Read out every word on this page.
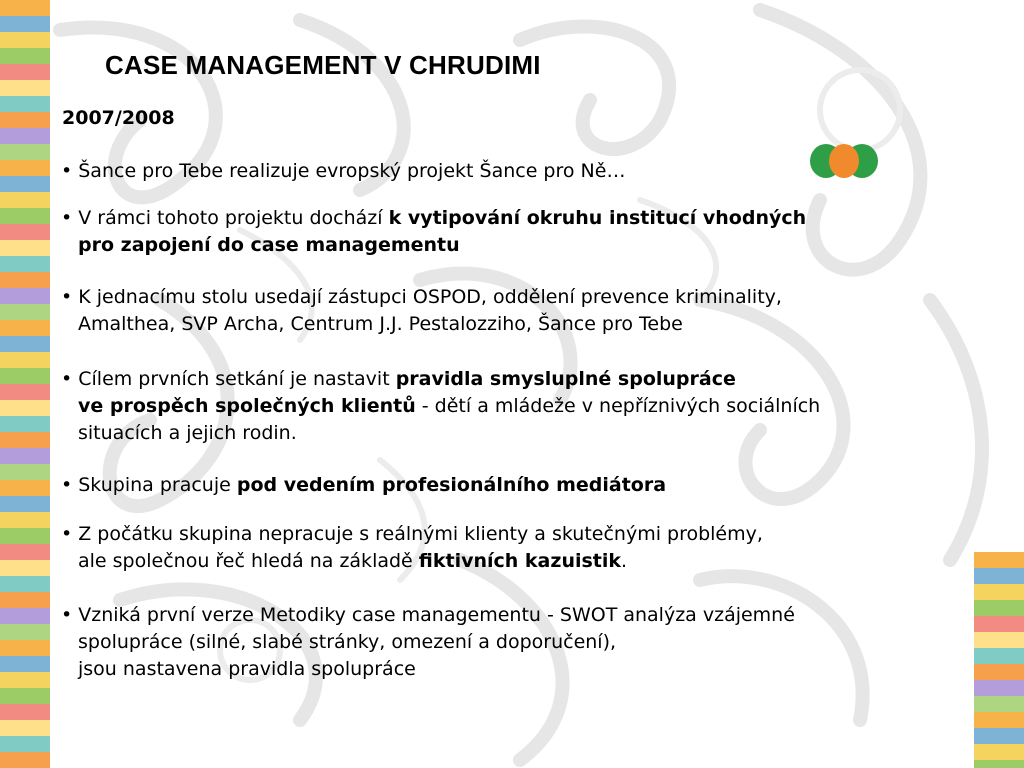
CASE MANAGEMENT V CHRUDIMI
2007/2008
• Šance pro Tebe realizuje evropský projekt Šance pro Ně…
• V rámci tohoto projektu dochází k vytipování okruhu institucí vhodných
pro zapojení do case managementu
• K jednacímu stolu usedají zástupci OSPOD, oddělení prevence kriminality,
Amalthea, SVP Archa, Centrum J.J. Pestalozziho, Šance pro Tebe
• Cílem prvních setkání je nastavit pravidla smysluplné spolupráce
ve prospěch společných klientů - dětí a mládeže v nepříznivých sociálních
situacích a jejich rodin.
• Skupina pracuje pod vedením profesionálního mediátora
• Z počátku skupina nepracuje s reálnými klienty a skutečnými problémy,
ale společnou řeč hledá na základě fiktivních kazuistik.
• Vzniká první verze Metodiky case managementu - SWOT analýza vzájemné
spolupráce (silné, slabé stránky, omezení a doporučení),
jsou nastavena pravidla spolupráce
